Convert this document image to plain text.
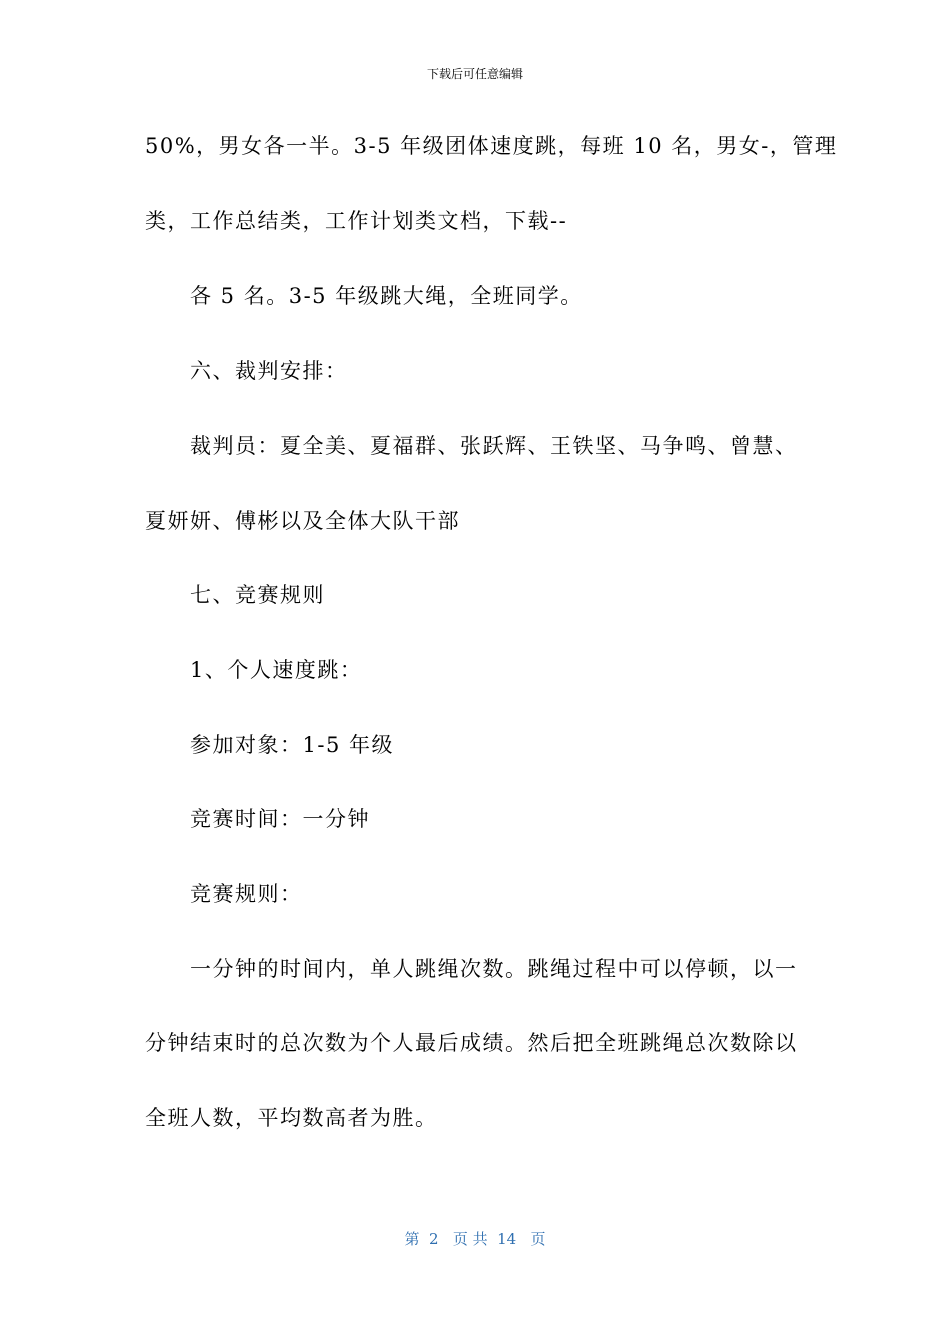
下载后可任意编辑
50%，男女各一半。3-5 年级团体速度跳，每班 10 名，男女-，管理
类，工作总结类，工作计划类文档，下载--
各 5 名。3-5 年级跳大绳，全班同学。
六、裁判安排：
裁判员：夏全美、夏福群、张跃辉、王铁坚、马争鸣、曾慧、
夏妍妍、傅彬以及全体大队干部
七、竞赛规则
1、个人速度跳：
参加对象：1-5 年级
竞赛时间：一分钟
竞赛规则：
一分钟的时间内，单人跳绳次数。跳绳过程中可以停顿，以一
分钟结束时的总次数为个人最后成绩。然后把全班跳绳总次数除以
全班人数，平均数高者为胜。
第  2   页 共  14   页
